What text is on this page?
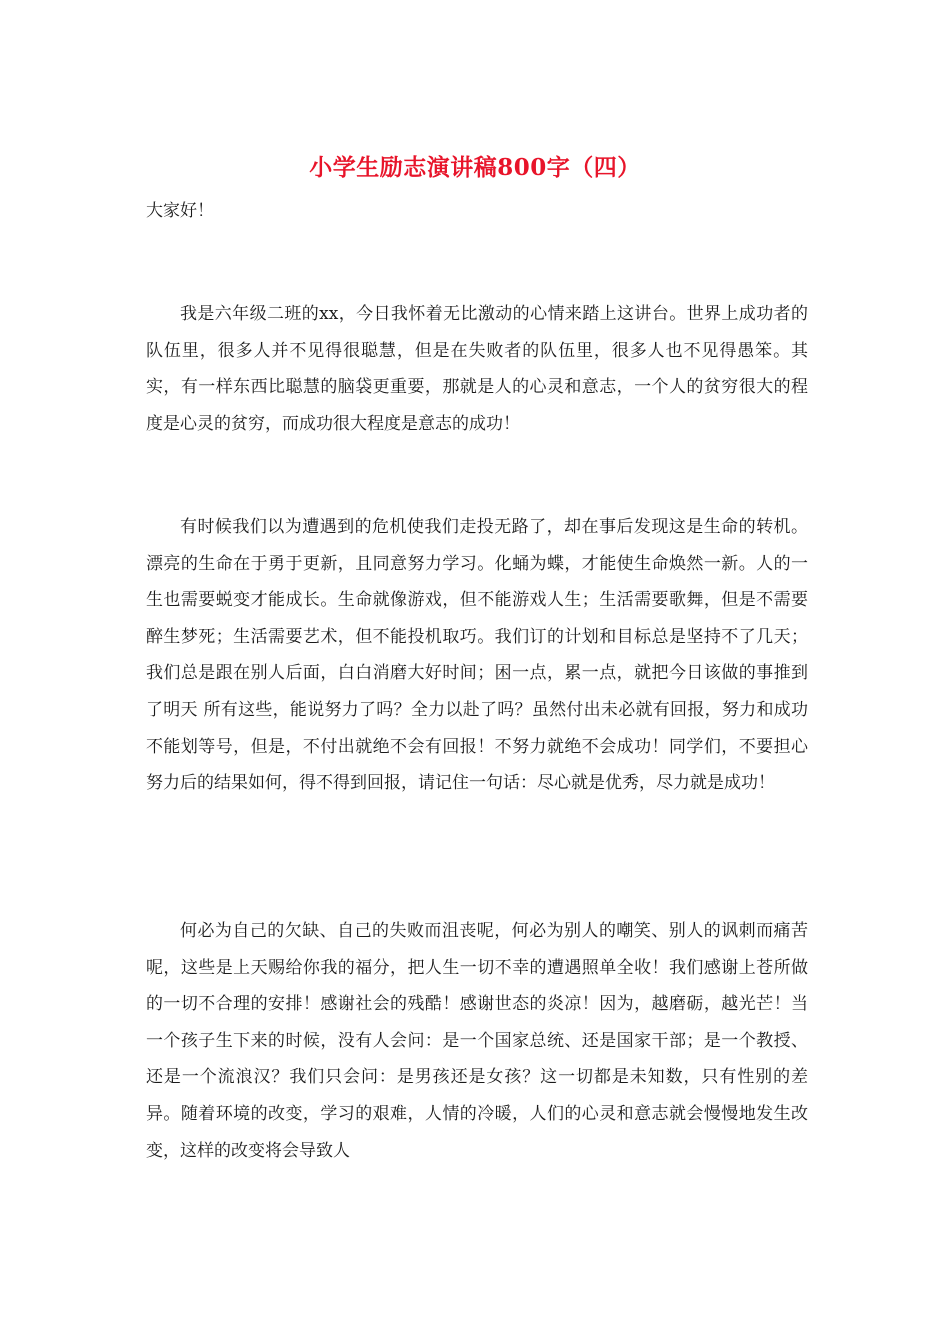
小学生励志演讲稿800字（四）
大家好！

我是六年级二班的xx，今日我怀着无比激动的心情来踏上这讲台。世界上成功者的队伍里，很多人并不见得很聪慧，但是在失败者的队伍里，很多人也不见得愚笨。其实，有一样东西比聪慧的脑袋更重要，那就是人的心灵和意志，一个人的贫穷很大的程度是心灵的贫穷，而成功很大程度是意志的成功！

有时候我们以为遭遇到的危机使我们走投无路了，却在事后发现这是生命的转机。漂亮的生命在于勇于更新，且同意努力学习。化蛹为蝶，才能使生命焕然一新。人的一生也需要蜕变才能成长。生命就像游戏，但不能游戏人生；生活需要歌舞，但是不需要醉生梦死；生活需要艺术，但不能投机取巧。我们订的计划和目标总是坚持不了几天；我们总是跟在别人后面，白白消磨大好时间；困一点，累一点，就把今日该做的事推到了明天 所有这些，能说努力了吗？全力以赴了吗？虽然付出未必就有回报，努力和成功不能划等号，但是，不付出就绝不会有回报！不努力就绝不会成功！同学们，不要担心努力后的结果如何，得不得到回报，请记住一句话：尽心就是优秀，尽力就是成功！

何必为自己的欠缺、自己的失败而沮丧呢，何必为别人的嘲笑、别人的讽刺而痛苦呢，这些是上天赐给你我的福分，把人生一切不幸的遭遇照单全收！我们感谢上苍所做的一切不合理的安排！感谢社会的残酷！感谢世态的炎凉！因为，越磨砺，越光芒！当一个孩子生下来的时候，没有人会问：是一个国家总统、还是国家干部；是一个教授、还是一个流浪汉？我们只会问：是男孩还是女孩？这一切都是未知数，只有性别的差异。随着环境的改变，学习的艰难，人情的冷暖，人们的心灵和意志就会慢慢地发生改变，这样的改变将会导致人
